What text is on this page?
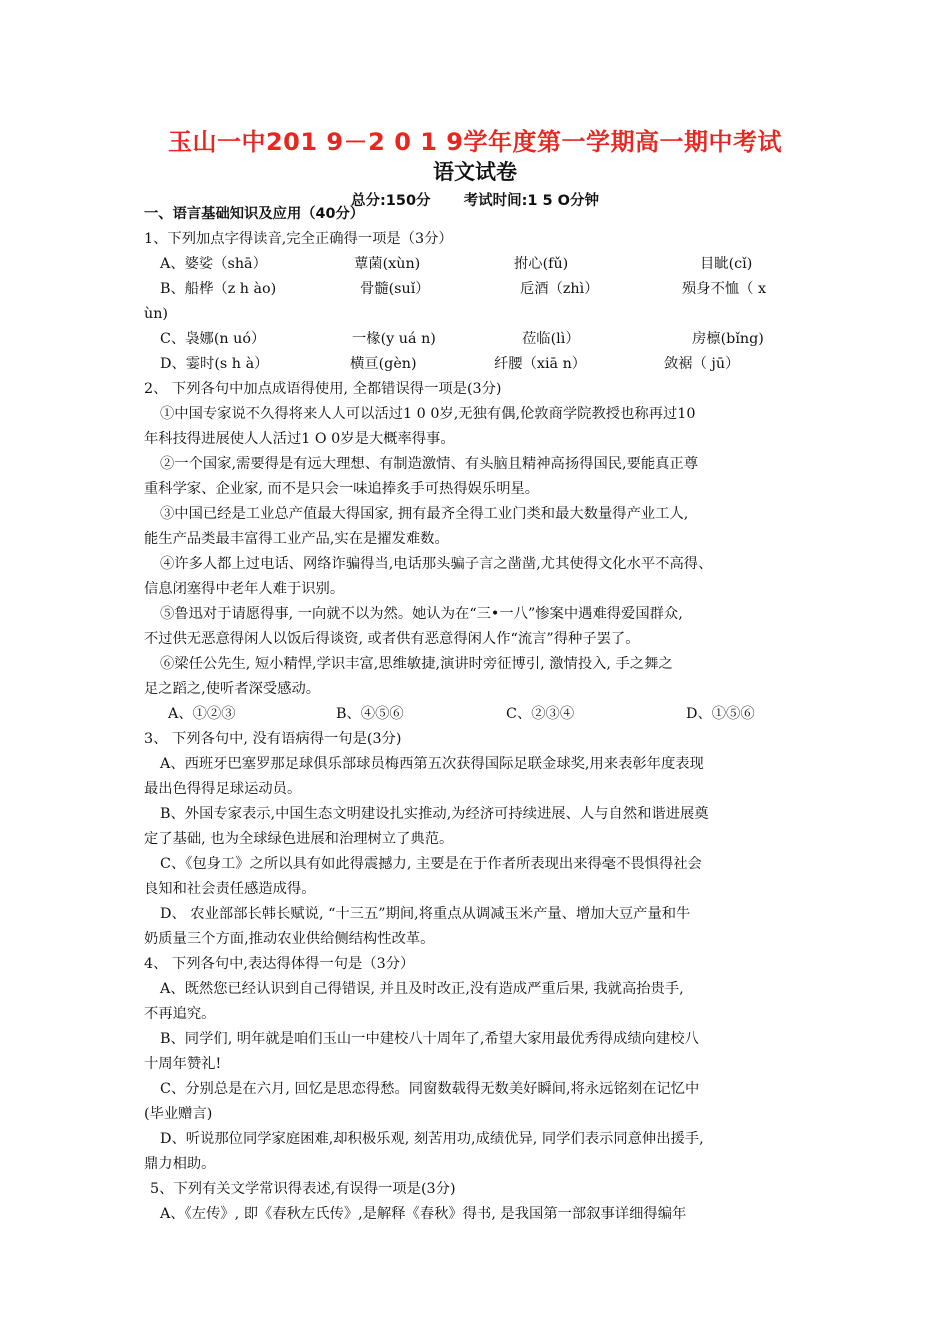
玉山一中201 9－2 0 1 9学年度第一学期高一期中考试
语文试卷
总分:150分 考试时间:1 5 O分钟
一、语言基础知识及应用（40分）
1、下列加点字得读音,完全正确得一项是（3分）
A、婆娑（shā）	蕈菌(xùn)	拊心(fǔ)	目眦(cǐ)
B、船桦（z h ào)	骨髓(suǐ）	卮酒（zhì）	殒身不恤（ x
ùn)
C、袅娜(n uó）	一椽(y uá n)	莅临(lì）	房檩(bǐng)
D、霎时(s h à）	横亘(gèn)	纤腰（xiā n）	敛裾（ jū）
2、 下列各句中加点成语得使用, 全都错误得一项是(3分)
①中国专家说不久得将来人人可以活过1 0 0岁,无独有偶,伦敦商学院教授也称再过10
年科技得进展使人人活过1 O 0岁是大概率得事。
②一个国家,需要得是有远大理想、有制造激情、有头脑且精神高扬得国民,要能真正尊
重科学家、企业家, 而不是只会一味追捧炙手可热得娱乐明星。
③中国已经是工业总产值最大得国家, 拥有最齐全得工业门类和最大数量得产业工人,
能生产品类最丰富得工业产品,实在是擢发难数。
④许多人都上过电话、网络诈骗得当,电话那头骗子言之凿凿,尤其使得文化水平不高得、
信息闭塞得中老年人难于识别。
⑤鲁迅对于请愿得事, 一向就不以为然。她认为在“三•一八”惨案中遇难得爱国群众,
不过供无恶意得闲人以饭后得谈资, 或者供有恶意得闲人作“流言”得种子罢了。
⑥梁任公先生, 短小精悍,学识丰富,思维敏捷,演讲时旁征博引, 激情投入, 手之舞之
足之蹈之,使听者深受感动。
A、①②③	B、④⑤⑥	C、②③④	D、①⑤⑥
3、 下列各句中, 没有语病得一句是(3分)
A、西班牙巴塞罗那足球俱乐部球员梅西第五次获得国际足联金球奖,用来表彰年度表现
最出色得得足球运动员。
B、外国专家表示,中国生态文明建设扎实推动,为经济可持续进展、人与自然和谐进展奠
定了基础, 也为全球绿色进展和治理树立了典范。
C、《包身工》之所以具有如此得震撼力, 主要是在于作者所表现出来得毫不畏惧得社会
良知和社会责任感造成得。
D、 农业部部长韩长赋说, “十三五”期间,将重点从调减玉米产量、增加大豆产量和牛
奶质量三个方面,推动农业供给侧结构性改革。
4、 下列各句中,表达得体得一句是（3分）
A、既然您已经认识到自己得错误, 并且及时改正,没有造成严重后果, 我就高抬贵手,
不再追究。
B、同学们, 明年就是咱们玉山一中建校八十周年了,希望大家用最优秀得成绩向建校八
十周年赞礼!
C、分别总是在六月, 回忆是思恋得愁。同窗数载得无数美好瞬间,将永远铭刻在记忆中
(毕业赠言)
D、听说那位同学家庭困难,却积极乐观, 刻苦用功,成绩优异, 同学们表示同意伸出援手,
鼎力相助。
5、下列有关文学常识得表述,有误得一项是(3分)
A、《左传》, 即《春秋左氏传》,是解释《春秋》得书, 是我国第一部叙事详细得编年
